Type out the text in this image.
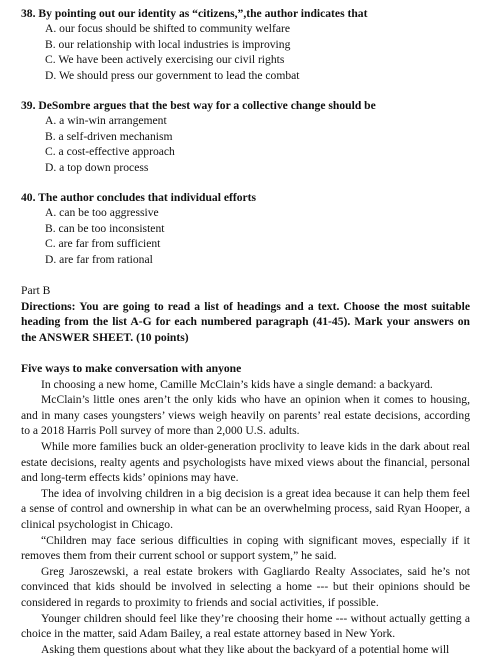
38. By pointing out our identity as “citizens,”,the author indicates that

A. our focus should be shifted to community welfare
B. our relationship with local industries is improving
C. We have been actively exercising our civil rights
D. We should press our government to lead the combat

39. DeSombre argues that the best way for a collective change should be

A. a win-win arrangement
B. a self-driven mechanism
C. a cost-effective approach
D. a top down process

40. The author concludes that individual efforts

A. can be too aggressive
B. can be too inconsistent
C. are far from sufficient
D. are far from rational

Part B

Directions: You are going to read a list of headings and a text. Choose the most suitable heading from the list A-G for each numbered paragraph (41-45). Mark your answers on the ANSWER SHEET. (10 points)

Five ways to make conversation with anyone

In choosing a new home, Camille McClain’s kids have a single demand: a backyard.

McClain’s little ones aren’t the only kids who have an opinion when it comes to housing, and in many cases youngsters’ views weigh heavily on parents’ real estate decisions, according to a 2018 Harris Poll survey of more than 2,000 U.S. adults.

While more families buck an older-generation proclivity to leave kids in the dark about real estate decisions, realty agents and psychologists have mixed views about the financial, personal and long-term effects kids’ opinions may have.

The idea of involving children in a big decision is a great idea because it can help them feel a sense of control and ownership in what can be an overwhelming process, said Ryan Hooper, a clinical psychologist in Chicago.

“Children may face serious difficulties in coping with significant moves, especially if it removes them from their current school or support system,” he said.

Greg Jaroszewski, a real estate brokers with Gagliardo Realty Associates, said he’s not convinced that kids should be involved in selecting a home --- but their opinions should be considered in regards to proximity to friends and social activities, if possible.

Younger children should feel like they’re choosing their home --- without actually getting a choice in the matter, said Adam Bailey, a real estate attorney based in New York.

Asking them questions about what they like about the backyard of a potential home will
